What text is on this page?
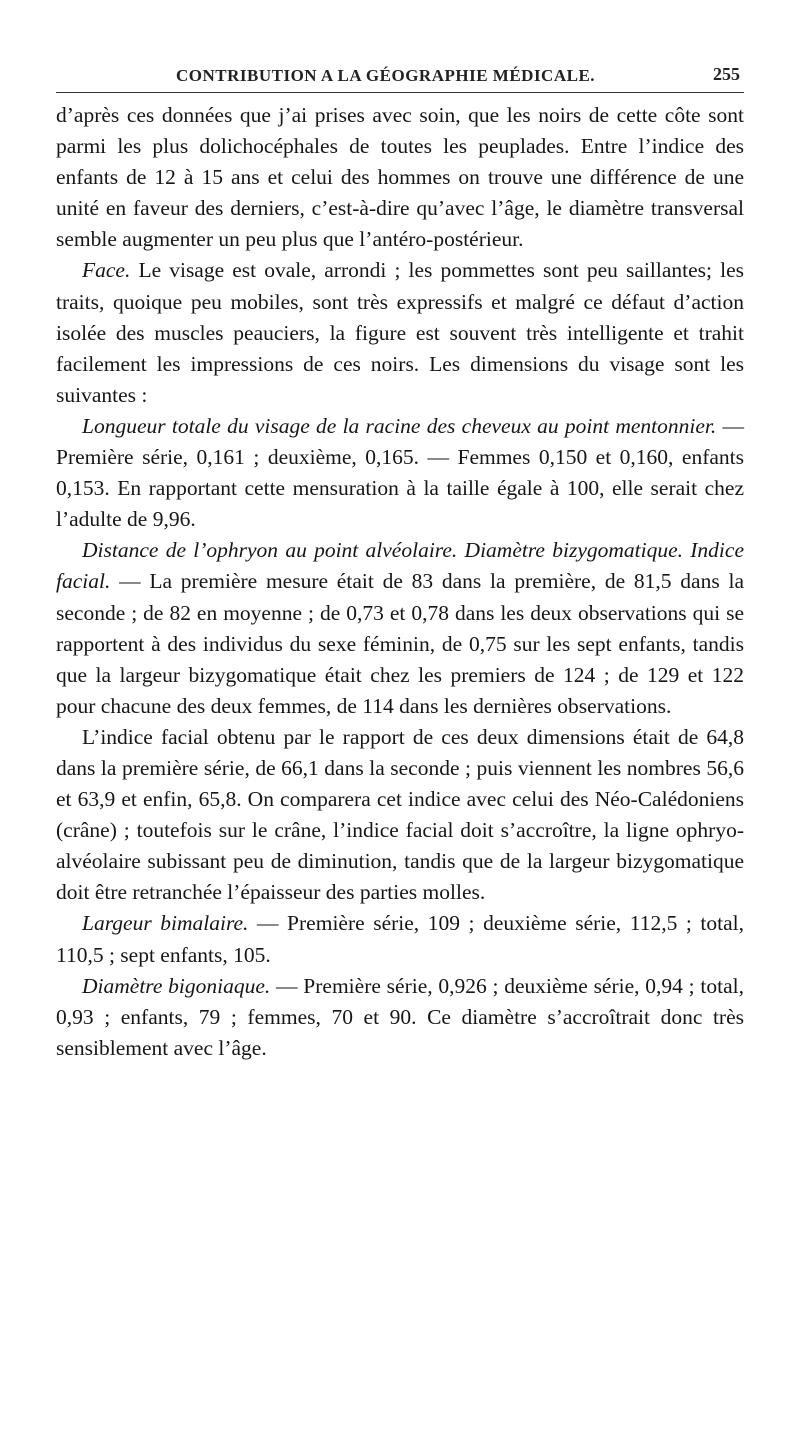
CONTRIBUTION A LA GÉOGRAPHIE MÉDICALE.	255

d’après ces données que j’ai prises avec soin, que les noirs de cette côte sont parmi les plus dolichocéphales de toutes les peuplades. Entre l’indice des enfants de 12 à 15 ans et celui des hommes on trouve une différence de une unité en faveur des derniers, c’est-à-dire qu’avec l’âge, le diamètre transversal semble augmenter un peu plus que l’antéro-postérieur.

Face. Le visage est ovale, arrondi ; les pommettes sont peu saillantes; les traits, quoique peu mobiles, sont très expressifs et malgré ce défaut d’action isolée des muscles peauciers, la figure est souvent très intelligente et trahit facilement les impressions de ces noirs. Les dimensions du visage sont les suivantes :

Longueur totale du visage de la racine des cheveux au point mentonnier. — Première série, 0,161 ; deuxième, 0,165. — Femmes 0,150 et 0,160, enfants 0,153. En rapportant cette mensuration à la taille égale à 100, elle serait chez l’adulte de 9,96.

Distance de l’ophryon au point alvéolaire. Diamètre bizygomatique. Indice facial. — La première mesure était de 83 dans la première, de 81,5 dans la seconde ; de 82 en moyenne ; de 0,73 et 0,78 dans les deux observations qui se rapportent à des individus du sexe féminin, de 0,75 sur les sept enfants, tandis que la largeur bizygomatique était chez les premiers de 124 ; de 129 et 122 pour chacune des deux femmes, de 114 dans les dernières observations.

L’indice facial obtenu par le rapport de ces deux dimensions était de 64,8 dans la première série, de 66,1 dans la seconde ; puis viennent les nombres 56,6 et 63,9 et enfin, 65,8. On comparera cet indice avec celui des Néo-Calédoniens (crâne) ; toutefois sur le crâne, l’indice facial doit s’accroître, la ligne ophryo-alvéolaire subissant peu de diminution, tandis que de la largeur bizygomatique doit être retranchée l’épaisseur des parties molles.

Largeur bimalaire. — Première série, 109 ; deuxième série, 112,5 ; total, 110,5 ; sept enfants, 105.

Diamètre bigoniaque. — Première série, 0,926 ; deuxième série, 0,94 ; total, 0,93 ; enfants, 79 ; femmes, 70 et 90. Ce diamètre s’accroîtrait donc très sensiblement avec l’âge.
